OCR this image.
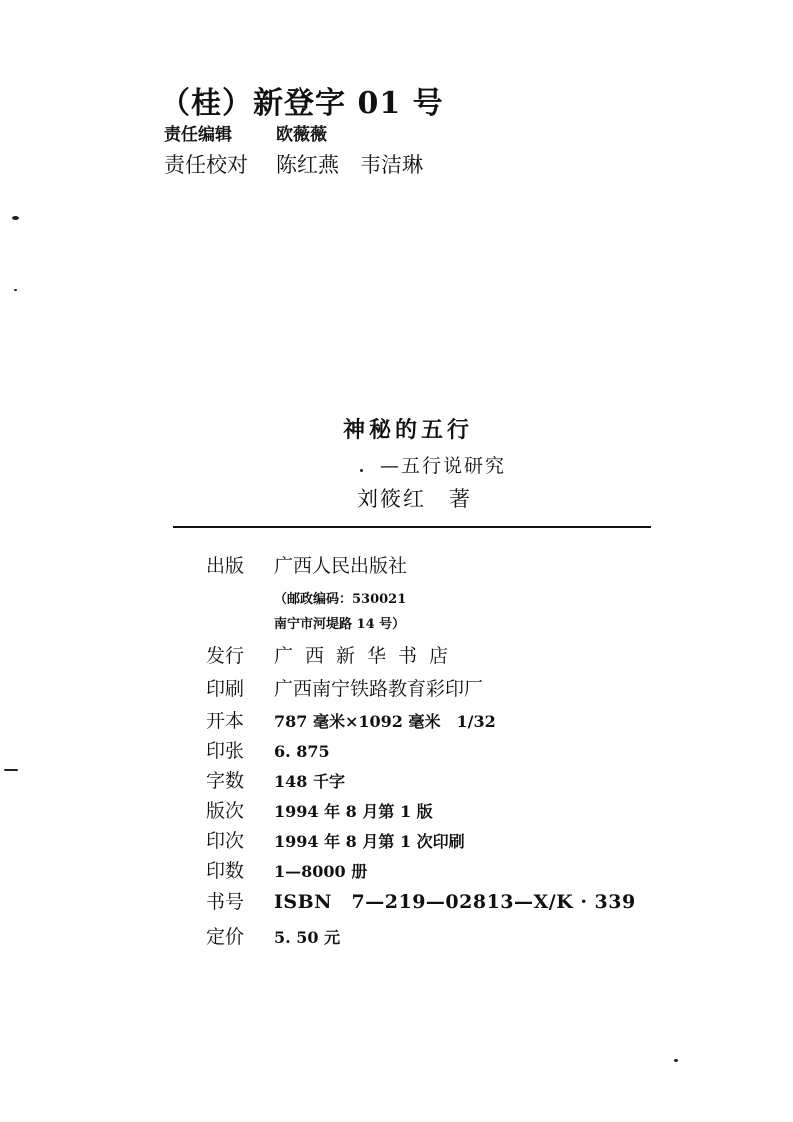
（桂）新登字 01 号
责任编辑	欧薇薇
责任校对 陈红燕　韦洁琳
神秘的五行
—五行说研究
刘筱红　著
出版 广西人民出版社
（邮政编码：530021
南宁市河堤路 14 号）
发行 广西新华书店
印刷 广西南宁铁路教育彩印厂
开本 787 毫米×1092 毫米　1/32
印张 6. 875
字数 148 千字
版次 1994 年 8 月第 1 版
印次 1994 年 8 月第 1 次印刷
印数 1—8000 册
书号 ISBN　7—219—02813—X/K · 339
定价 5. 50 元
